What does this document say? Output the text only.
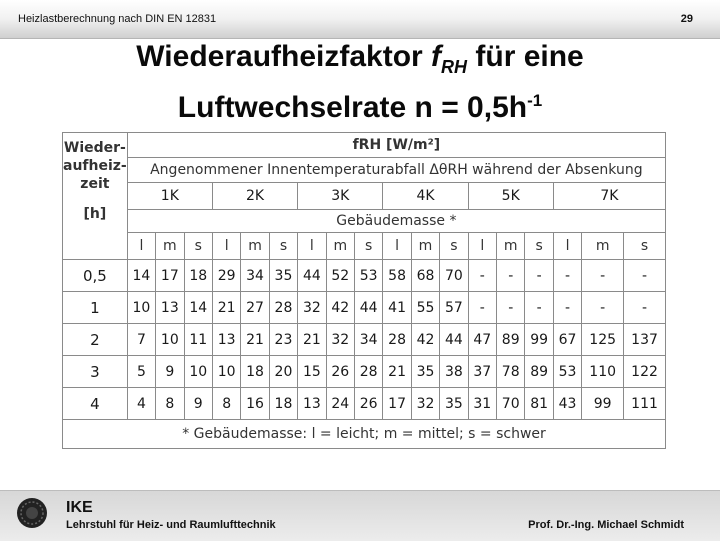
Heizlastberechnung nach DIN EN 12831	29
Wiederaufheizfaktor $f_{RH}$ für eine
Luftwechselrate $n = 0,5h^{-1}$
Wieder-
aufheiz-
zeit
[h]	fRH [W/m²]																	
	Angenommener Innentemperaturabfall ΔθRH während der Absenkung																	
	1K			2K			3K			4K			5K			7K		
	Gebäudemasse *																	
	l	m	s	l	m	s	l	m	s	l	m	s	l	m	s	l	m	s
0,5	14	17	18	29	34	35	44	52	53	58	68	70	-	-	-	-	-	-
1	10	13	14	21	27	28	32	42	44	41	55	57	-	-	-	-	-	-
2	7	10	11	13	21	23	21	32	34	28	42	44	47	89	99	67	125	137
3	5	9	10	10	18	20	15	26	28	21	35	38	37	78	89	53	110	122
4	4	8	9	8	16	18	13	24	26	17	32	35	31	70	81	43	99	111
* Gebäudemasse: l = leicht; m = mittel; s = schwer																		
IKE
Lehrstuhl für Heiz- und Raumlufttechnik	Prof. Dr.-Ing. Michael Schmidt
